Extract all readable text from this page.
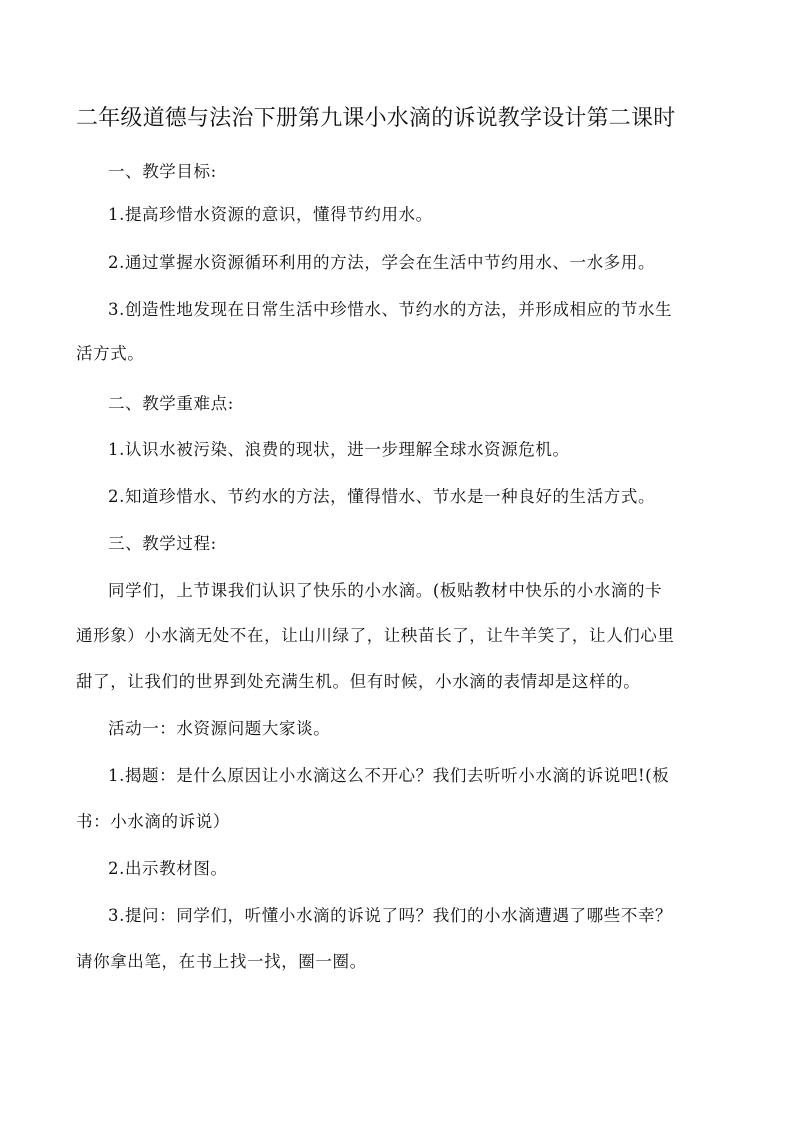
二年级道德与法治下册第九课小水滴的诉说教学设计第二课时
一、教学目标:
1.提高珍惜水资源的意识，懂得节约用水。
2.通过掌握水资源循环利用的方法，学会在生活中节约用水、一水多用。
3.创造性地发现在日常生活中珍惜水、节约水的方法，并形成相应的节水生
活方式。
二、教学重难点:
1.认识水被污染、浪费的现状，进一步理解全球水资源危机。
2.知道珍惜水、节约水的方法，懂得惜水、节水是一种良好的生活方式。
三、教学过程:
同学们，上节课我们认识了快乐的小水滴。(板贴教材中快乐的小水滴的卡
通形象）小水滴无处不在，让山川绿了，让秧苗长了，让牛羊笑了，让人们心里
甜了，让我们的世界到处充满生机。但有时候，小水滴的表情却是这样的。
活动一：水资源问题大家谈。
1.揭题：是什么原因让小水滴这么不开心？我们去听听小水滴的诉说吧!(板
书：小水滴的诉说）
2.出示教材图。
3.提问：同学们，听懂小水滴的诉说了吗？我们的小水滴遭遇了哪些不幸？
请你拿出笔，在书上找一找，圈一圈。
